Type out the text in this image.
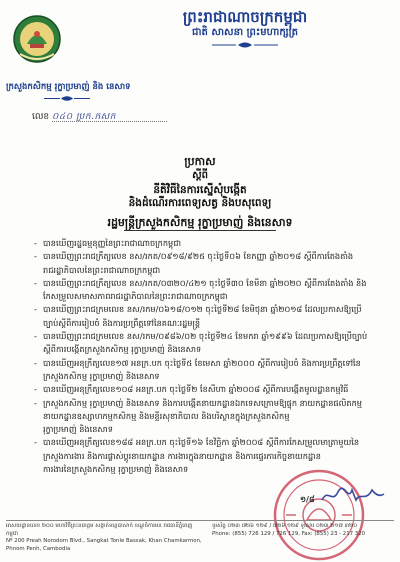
ព្រះរាជាណាចក្រកម្ពុជា
ជាតិ សាសនា ព្រះមហាក្សត្រ
ក្រសួងកសិកម្ម រុក្ខាប្រមាញ់ និង នេសាទ
លេខ ០៤០ ប្រក.កសក
ប្រកាស
ស្ដីពី
នីតិវិធីនៃការស្នើសុំបង្កើត
និងដំណើរការពេទ្យសត្វ និងបសុពេទ្យ
រដ្ឋមន្ត្រីក្រសួងកសិកម្ម រុក្ខាប្រមាញ់ និងនេសាទ
- បានឃើញរដ្ឋធម្មនុញ្ញនៃព្រះរាជាណាចក្រកម្ពុជា
- បានឃើញព្រះរាជក្រឹត្យលេខ នស/រកត/០៩១៨/៩២៥ ចុះថ្ងៃទី០៦ ខែកញ្ញា ឆ្នាំ២០១៨ ស្ដីពីការតែងតាំង
រាជរដ្ឋាភិបាលនៃព្រះរាជាណាចក្រកម្ពុជា
- បានឃើញព្រះរាជក្រឹត្យលេខ នស/រកត/០៣២០/៤២១ ចុះថ្ងៃទី៣០ ខែមីនា ឆ្នាំ២០២០ ស្ដីពីការតែងតាំង និង
កែសម្រួលសមាសភាពរាជរដ្ឋាភិបាលនៃព្រះរាជាណាចក្រកម្ពុជា
- បានឃើញព្រះរាជក្រមលេខ នស/រកម/០៦១៨/០១២ ចុះថ្ងៃទី២៨ ខែមិថុនា ឆ្នាំ២០១៨ ដែលប្រកាសឱ្យប្រើ
ច្បាប់ស្ដីពីការរៀបចំ និងការប្រព្រឹត្តទៅនៃគណៈរដ្ឋមន្ត្រី
- បានឃើញព្រះរាជក្រមលេខ នស/រកម/០៩៨៦/០២ ចុះថ្ងៃទី២៤ ខែមករា ឆ្នាំ១៩៩៦ ដែលប្រកាសឱ្យប្រើច្បាប់
ស្ដីពីការបង្កើតក្រសួងកសិកម្ម រុក្ខាប្រមាញ់ និងនេសាទ
- បានឃើញអនុក្រឹត្យលេខ១៧ អនក្រ.បក ចុះថ្ងៃទី៥ ខែមេសា ឆ្នាំ២០០០ ស្ដីពីការរៀបចំ និងការប្រព្រឹត្តទៅនៃ
ក្រសួងកសិកម្ម រុក្ខាប្រមាញ់ និងនេសាទ
- បានឃើញអនុក្រឹត្យលេខ១០៨ អនក្រ.បក ចុះថ្ងៃទី២ ខែសីហា ឆ្នាំ២០០៨ ស្ដីពីការបង្កើតមូលដ្ឋានកម្មវិធី
- ក្រសួងកសិកម្ម រុក្ខាប្រមាញ់ និងនេសាទ និងការបង្កើតនាយកដ្ឋានឯកទេសក្រោមឱ្យផ្ទុក នាយកដ្ឋានផលិតកម្ម
នាយកដ្ឋានឧស្សាហកម្មកសិកម្ម និងមន្ទីរសុខាភិបាល និងបរិស្ថានក្នុងក្រសួងកសិកម្ម
រុក្ខាប្រមាញ់ និងនេសាទ
- បានឃើញអនុក្រឹត្យលេខ១៨៨ អនក្រ.បក ចុះថ្ងៃទី១៦ ខែវិច្ឆិកា ឆ្នាំ២០០៨ ស្ដីពីការកែសម្រួលមាត្រាមួយនៃ
ក្រសួងការងារ និងការផ្លាស់ប្ដូរនាយកដ្ឋាន ការងារក្នុងនាយកដ្ឋាន និងការផ្ទេរភារកិច្ចនាយកដ្ឋាន
ការងារនៃក្រសួងកសិកម្ម រុក្ខាប្រមាញ់ និងនេសាទ
១/៨
អាសយដ្ឋានលេខ ២០០ មហាវិថីព្រះនរោត្តម សង្កាត់ទន្លេបាសាក់ ខណ្ឌចំការមន រាជធានីភ្នំពេញ កម្ពុជា
Nº 200 Preah Norodom Blvd., Sangkat Tonle Bassak, Khan Chamkarmon, Phnom Penh, Cambodia
ទូរស័ព្ទ ០២៣ ៧២៦ ១២៩ / ៧២៦ ១២៩ ទូរសារ ០២៣ ២១៧ ៣២០
Phone: (855) 726 129 / 726 129, Fax: (855) 23 - 217 320
